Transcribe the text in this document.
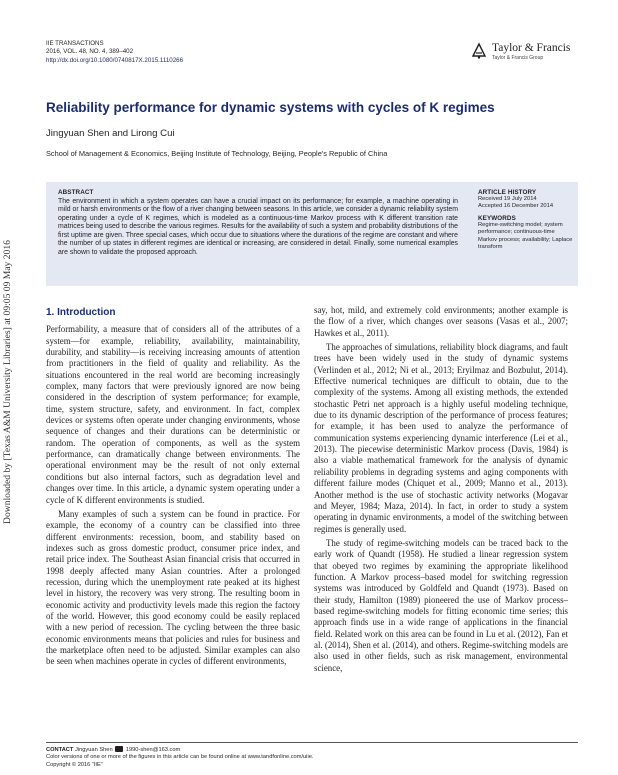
Downloaded by [Texas A&M University Libraries] at 09:05 09 May 2016
IIE TRANSACTIONS
2016, VOL. 48, NO. 4, 389–402
http://dx.doi.org/10.1080/0740817X.2015.1110266
Taylor & Francis
Taylor & Francis Group
Reliability performance for dynamic systems with cycles of K regimes
Jingyuan Shen and Lirong Cui
School of Management & Economics, Beijing Institute of Technology, Beijing, People's Republic of China
ABSTRACT
The environment in which a system operates can have a crucial impact on its performance; for example, a machine operating in mild or harsh environments or the flow of a river changing between seasons. In this article, we consider a dynamic reliability system operating under a cycle of K regimes, which is modeled as a continuous-time Markov process with K different transition rate matrices being used to describe the various regimes. Results for the availability of such a system and probability distributions of the first uptime are given. Three special cases, which occur due to situations where the durations of the regime are constant and where the number of up states in different regimes are identical or increasing, are considered in detail. Finally, some numerical examples are shown to validate the proposed approach.
ARTICLE HISTORY
Received 19 July 2014
Accepted 16 December 2014
KEYWORDS
Regime-switching model; system performance; continuous-time Markov process; availability; Laplace transform
1. Introduction

Performability, a measure that of considers all of the attributes of a system—for example, reliability, availability, maintainability, durability, and stability—is receiving increasing amounts of attention from practitioners in the field of quality and reliability. As the situations encountered in the real world are becoming increasingly complex, many factors that were previously ignored are now being considered in the description of system performance; for example, time, system structure, safety, and environment. In fact, complex devices or systems often operate under changing environments, whose sequence of changes and their durations can be deterministic or random. The operation of components, as well as the system performance, can dramatically change between environments. The operational environment may be the result of not only external conditions but also internal factors, such as degradation level and changes over time. In this article, a dynamic system operating under a cycle of K different environments is studied.

Many examples of such a system can be found in practice. For example, the economy of a country can be classified into three different environments: recession, boom, and stability based on indexes such as gross domestic product, consumer price index, and retail price index. The Southeast Asian financial crisis that occurred in 1998 deeply affected many Asian countries. After a prolonged recession, during which the unemployment rate peaked at its highest level in history, the recovery was very strong. The resulting boom in economic activity and productivity levels made this region the factory of the world. However, this good economy could be easily replaced with a new period of recession. The cycling between the three basic economic environments means that policies and rules for business and the marketplace often need to be adjusted. Similar examples can also be seen when machines operate in cycles of different environments,

say, hot, mild, and extremely cold environments; another example is the flow of a river, which changes over seasons (Vasas et al., 2007; Hawkes et al., 2011).

The approaches of simulations, reliability block diagrams, and fault trees have been widely used in the study of dynamic systems (Verlinden et al., 2012; Ni et al., 2013; Eryilmaz and Bozbulut, 2014). Effective numerical techniques are difficult to obtain, due to the complexity of the systems. Among all existing methods, the extended stochastic Petri net approach is a highly useful modeling technique, due to its dynamic description of the performance of process features; for example, it has been used to analyze the performance of communication systems experiencing dynamic interference (Lei et al., 2013). The piecewise deterministic Markov process (Davis, 1984) is also a viable mathematical framework for the analysis of dynamic reliability problems in degrading systems and aging components with different failure modes (Chiquet et al., 2009; Manno et al., 2013). Another method is the use of stochastic activity networks (Mogavar and Meyer, 1984; Maza, 2014). In fact, in order to study a system operating in dynamic environments, a model of the switching between regimes is generally used.

The study of regime-switching models can be traced back to the early work of Quandt (1958). He studied a linear regression system that obeyed two regimes by examining the appropriate likelihood function. A Markov process–based model for switching regression systems was introduced by Goldfeld and Quandt (1973). Based on their study, Hamilton (1989) pioneered the use of Markov process–based regime-switching models for fitting economic time series; this approach finds use in a wide range of applications in the financial field. Related work on this area can be found in Lu et al. (2012), Fan et al. (2014), Shen et al. (2014), and others. Regime-switching models are also used in other fields, such as risk management, environmental science,

CONTACT Jingyuan Shen 1990-shen@163.com
Color versions of one or more of the figures in this article can be found online at www.tandfonline.com/uiie.
Copyright © 2016 “IIE”
